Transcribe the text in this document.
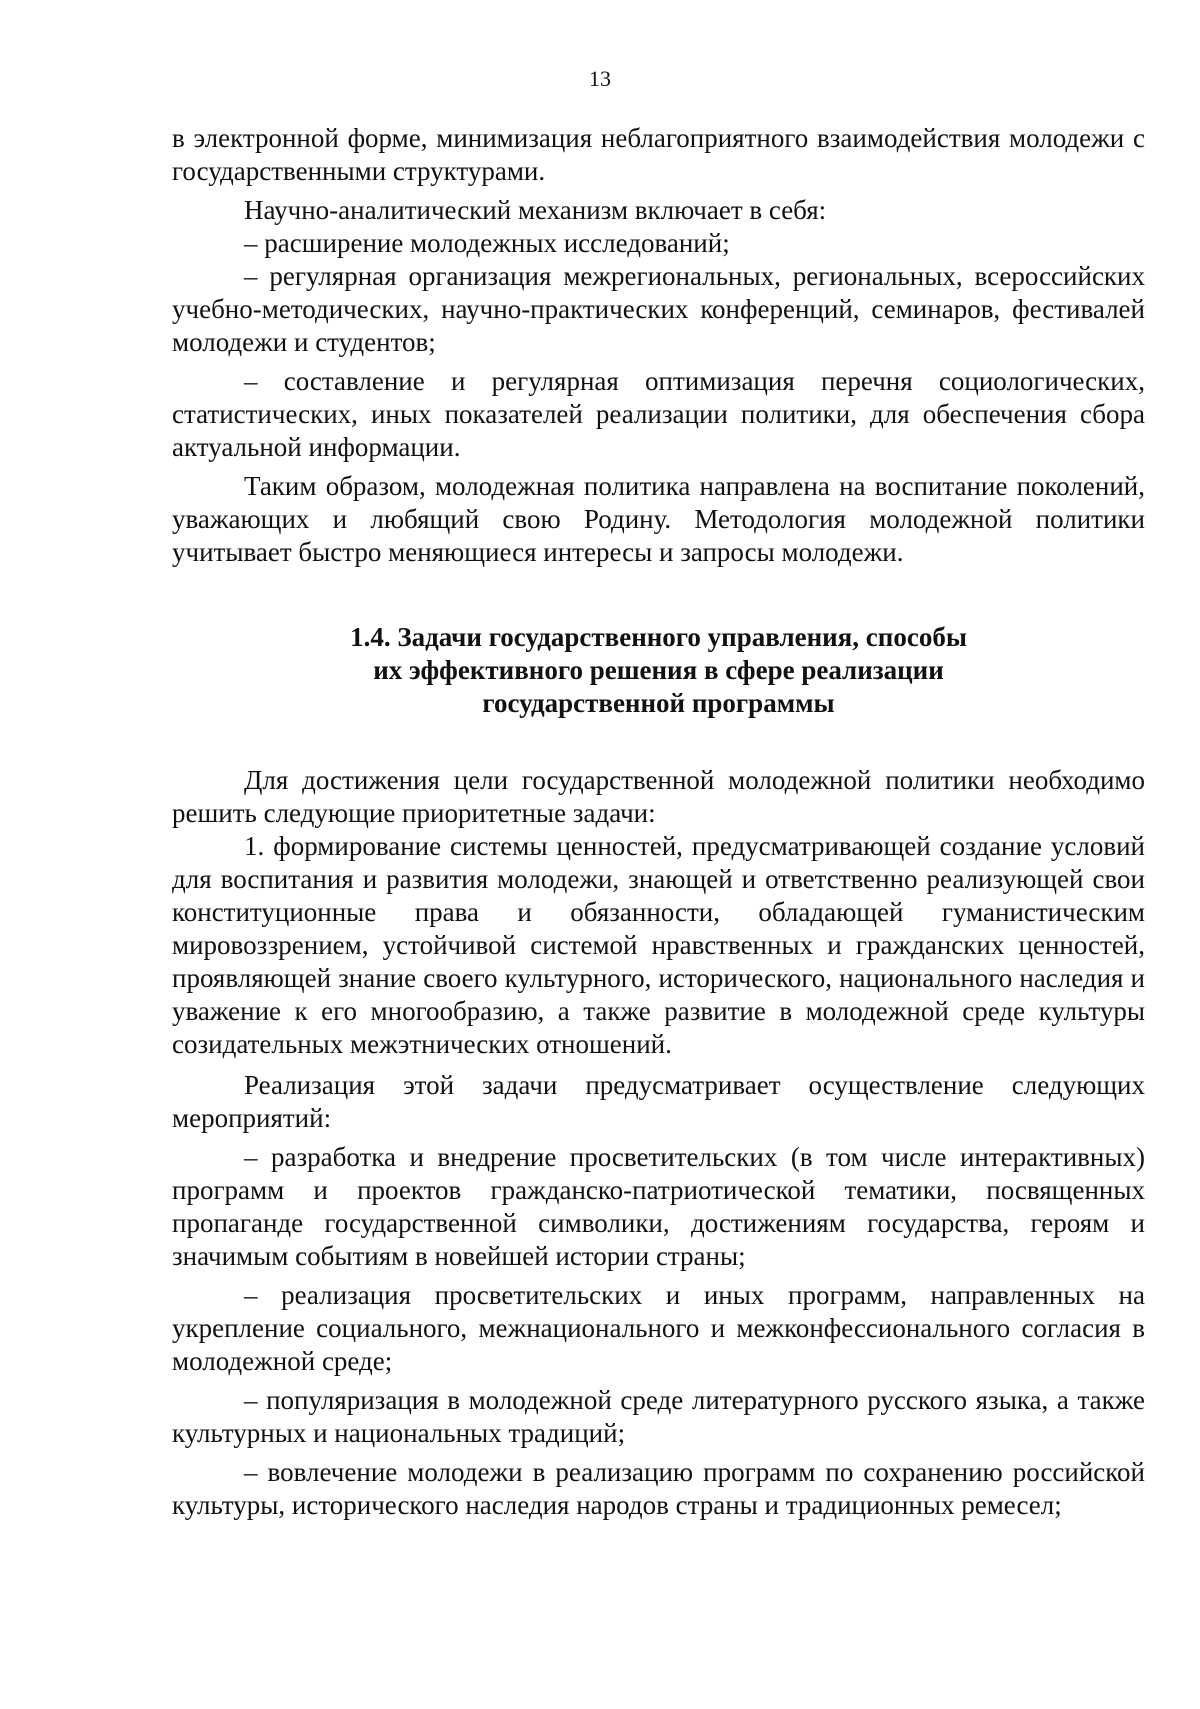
13

в электронной форме, минимизация неблагоприятного взаимодействия молодежи с государственными структурами.

Научно-аналитический механизм включает в себя:

– расширение молодежных исследований;

– регулярная организация межрегиональных, региональных, всероссийских учебно-методических, научно-практических конференций, семинаров, фестивалей молодежи и студентов;

– составление и регулярная оптимизация перечня социологических, статистических, иных показателей реализации политики, для обеспечения сбора актуальной информации.

Таким образом, молодежная политика направлена на воспитание поколений, уважающих и любящий свою Родину. Методология молодежной политики учитывает быстро меняющиеся интересы и запросы молодежи.

1.4. Задачи государственного управления, способы
их эффективного решения в сфере реализации
государственной программы

Для достижения цели государственной молодежной политики необходимо решить следующие приоритетные задачи:

1. формирование системы ценностей, предусматривающей создание условий для воспитания и развития молодежи, знающей и ответственно реализующей свои конституционные права и обязанности, обладающей гуманистическим мировоззрением, устойчивой системой нравственных и гражданских ценностей, проявляющей знание своего культурного, исторического, национального наследия и уважение к его многообразию, а также развитие в молодежной среде культуры созидательных межэтнических отношений.

Реализация этой задачи предусматривает осуществление следующих мероприятий:

– разработка и внедрение просветительских (в том числе интерактивных) программ и проектов гражданско-патриотической тематики, посвященных пропаганде государственной символики, достижениям государства, героям и значимым событиям в новейшей истории страны;

– реализация просветительских и иных программ, направленных на укрепление социального, межнационального и межконфессионального согласия в молодежной среде;

– популяризация в молодежной среде литературного русского языка, а также культурных и национальных традиций;

– вовлечение молодежи в реализацию программ по сохранению российской культуры, исторического наследия народов страны и традиционных ремесел;
